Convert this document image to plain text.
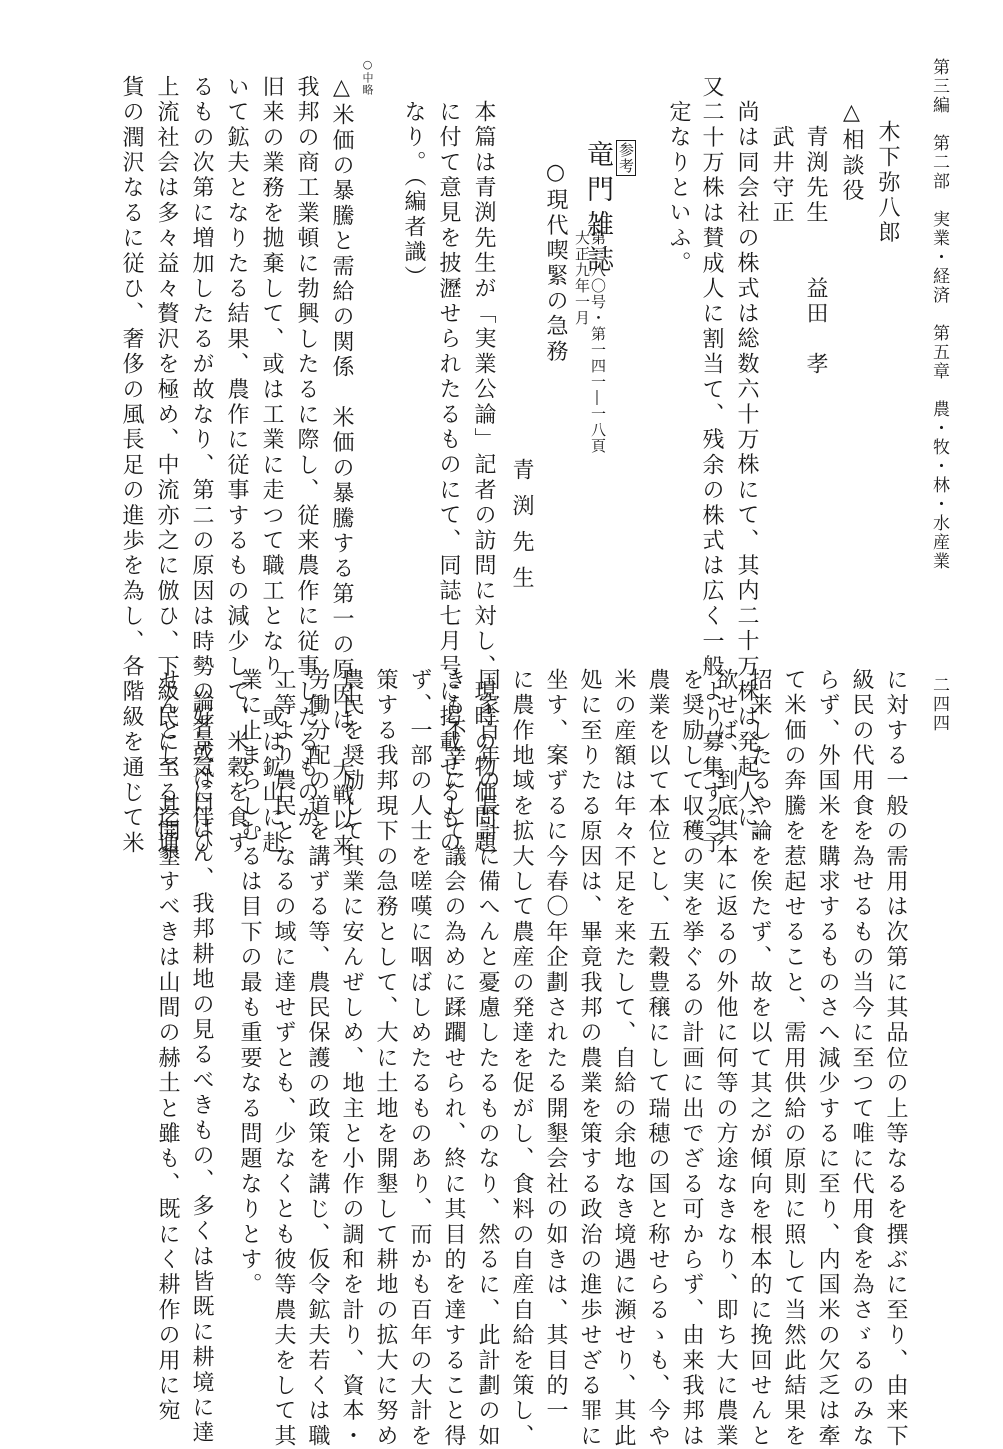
第三編　第二部　実業・経済　第五章　農・牧・林・水産業
二四四
木下弥八郎
△相談役
　青渕先生　　益田　孝
　武井守正
尚は同会社の株式は総数六十万株にて、其内二十万株は発起人に、
又二十万株は賛成人に割当て、残余の株式は広く一般より募集する予
定なりといふ。
参考
竜門雑誌
第三八〇号・第一四一―一八頁
大正九年一月
○現代喫緊の急務
青渕先生
本篇は青渕先生が「実業公論」記者の訪問に対し、現時の物価問題
に付て意見を披瀝せられたるものにて、同誌七月号に掲載せるもの
なり。（編者識）
○中略
△米価の暴騰と需給の関係　米価の暴騰する第一の原因は、大戦以来
我邦の商工業頓に勃興したるに際し、従来農作に従事したるものが、
旧来の業務を拋棄して、或は工業に走つて職工となり、或は鉱山に赴
いて鉱夫となりたる結果、農作に従事するもの減少して、米穀を食す
るもの次第に増加したるが故なり、第二の原因は時勢の好景気に伴ひ
上流社会は多々益々贅沢を極め、中流亦之に倣ひ、下級民に至る迄通
貨の潤沢なるに従ひ、奢侈の風長足の進歩を為し、各階級を通じて米
に対する一般の需用は次第に其品位の上等なるを撰ぶに至り、由来下
級民の代用食を為せるもの当今に至つて唯に代用食を為さゞるのみな
らず、外国米を購求するものさへ減少するに至り、内国米の欠乏は牽
て米価の奔騰を惹起せること、需用供給の原則に照して当然此結果を
招来したるや論を俟たず、故を以て其之が傾向を根本的に挽回せんと
欲せば、到底其本に返るの外他に何等の方途なきなり、即ち大に農業
を奨励して収穫の実を挙ぐるの計画に出でざる可からず、由来我邦は
農業を以て本位とし、五穀豊穣にして瑞穂の国と称せらるゝも、今や
米の産額は年々不足を来たして、自給の余地なき境遇に瀕せり、其此
処に至りたる原因は、畢竟我邦の農業を策する政治の進歩せざる罪に
坐す、案ずるに今春〇年企劃されたる開墾会社の如きは、其目的一
に農作地域を拡大して農産の発達を促がし、食料の自産自給を策し、
国家百年の長計に備へんと憂慮したるものなり、然るに、此計劃の如
きも不幸にして議会の為めに蹂躙せられ、終に其目的を達すること得
ず、一部の人士を嗟嘆に咽ばしめたるものあり、而かも百年の大計を
策する我邦現下の急務として、大に土地を開墾して耕地の拡大に努め
農民を奨励して其業に安んぜしめ、地主と小作の調和を計り、資本・
労働分配の道を講ずる等、農民保護の政策を講じ、仮令鉱夫若くは職
工等より農民となるの域に達せずとも、少なくとも彼等農夫をして其
業に止まらしむるは目下の最も重要なる問題なりとす。
論者或は曰はん、我邦耕地の見るべきもの、多くは皆既に耕境に達
せんとし、其開墾すべきは山間の赫土と雖も、既にく耕作の用に宛
